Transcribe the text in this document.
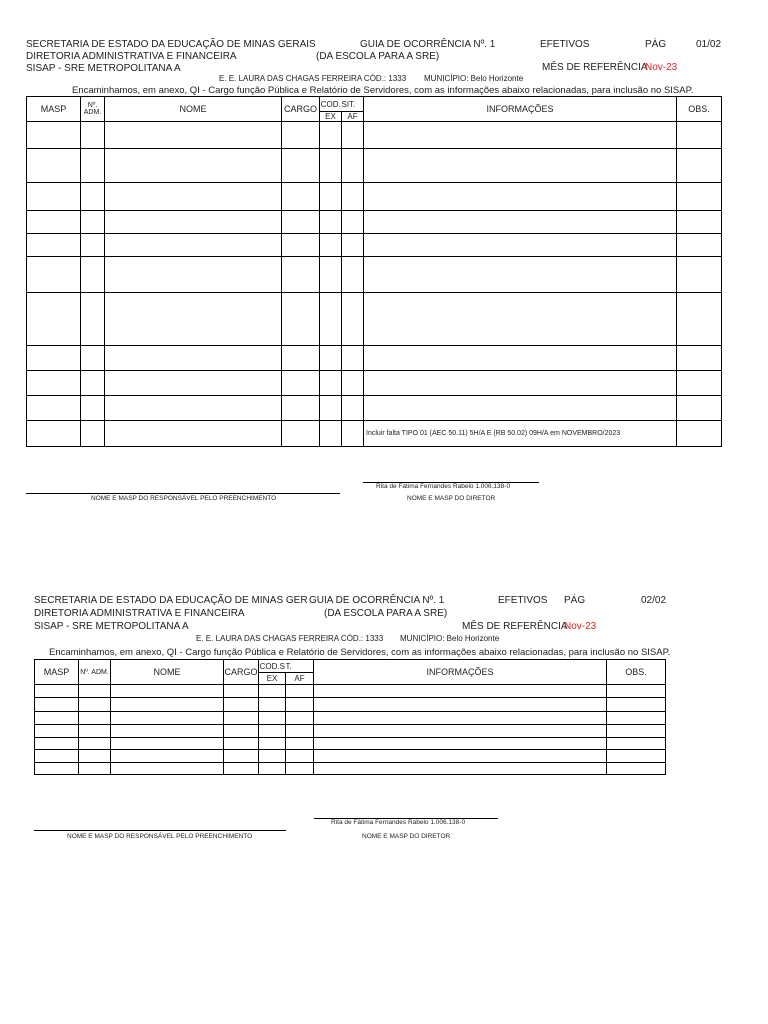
SECRETARIA DE ESTADO DA EDUCAÇÃO DE MINAS GERAIS
DIRETORIA ADMINISTRATIVA E FINANCEIRA
SISAP - SRE METROPOLITANA A
GUIA DE OCORRÊNCIA Nº. 1
(DA ESCOLA PARA A SRE)
EFETIVOS	PÁG	01/02
MÊS DE REFERÊNCIA
Nov-23
E. E. LAURA DAS CHAGAS FERREIRA CÓD.: 1333 MUNICÍPIO: Belo Horizonte
Encaminhamos, em anexo, QI - Cargo função Pública e Relatório de Servidores, com as informações abaixo relacionadas, para inclusão no SISAP.
MASP	Nº. ADM.	NOME	CARGO	COD.	SIT.	INFORMAÇÕES	OBS.
				EX	AF		

						Incluir falta TIPO 01 (AEC 50.11) 5H/A E (RB 50.02) 09H/A em NOVEMBRO/2023	
Rita de Fátima Fernandes Rabelo 1.006.138-0
NOME E MASP DO RESPONSÁVEL PELO PREENCHIMENTO	NOME E MASP DO DIRETOR
SECRETARIA DE ESTADO DA EDUCAÇÃO DE MINAS GER
DIRETORIA ADMINISTRATIVA E FINANCEIRA
SISAP - SRE METROPOLITANA A
GUIA DE OCORRÊNCIA Nº. 1
(DA ESCOLA PARA A SRE)
EFETIVOS PÁG	02/02
MÊS DE REFERÊNCIA
Nov-23
E. E. LAURA DAS CHAGAS FERREIRA CÓD.: 1333 MUNICÍPIO: Belo Horizonte
Encaminhamos, em anexo, QI - Cargo função Pública e Relatório de Servidores, com as informações abaixo relacionadas, para inclusão no SISAP.
MASP	Nº. ADM.	NOME	CARGO	COD.S	T.	INFORMAÇÕES	OBS.
				EX	AF		

Rita de Fátima Fernandes Rabelo 1.006.138-0
NOME E MASP DO RESPONSÁVEL PELO PREENCHIMENTO	NOME E MASP DO DIRETOR
